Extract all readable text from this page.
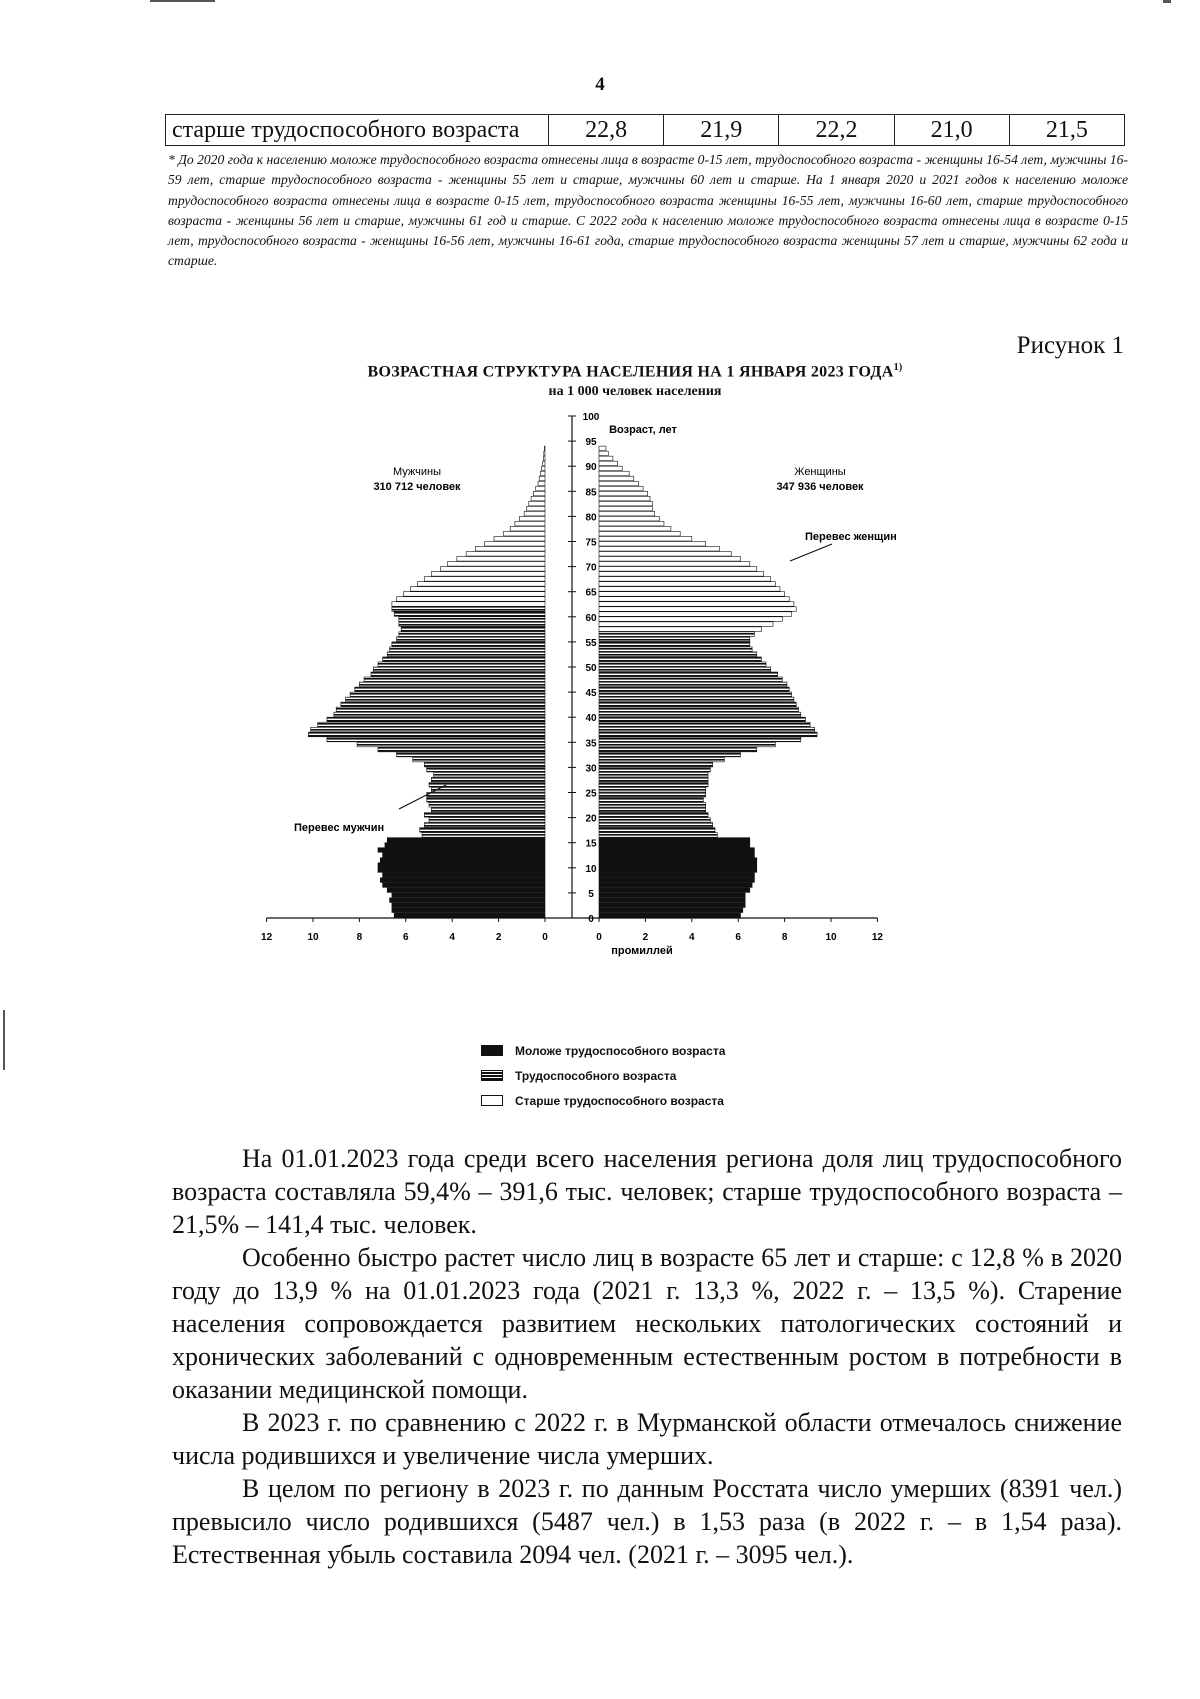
4
старше трудоспособного возраста	22,8	21,9	22,2	21,0	21,5
* До 2020 года к населению моложе трудоспособного возраста отнесены лица в возрасте 0-15 лет, трудоспособного возраста - женщины 16-54 лет, мужчины 16-59 лет, старше трудоспособного возраста - женщины 55 лет и старше, мужчины 60 лет и старше. На 1 января 2020 и 2021 годов к населению моложе трудоспособного возраста отнесены лица в возрасте 0-15 лет, трудоспособного возраста женщины 16-55 лет, мужчины 16-60 лет, старше трудоспособного возраста - женщины 56 лет и старше, мужчины 61 год и старше. С 2022 года к населению моложе трудоспособного возраста отнесены лица в возрасте 0-15 лет, трудоспособного возраста - женщины 16-56 лет, мужчины 16-61 года, старше трудоспособного возраста женщины 57 лет и старше, мужчины 62 года и старше.
Рисунок 1
ВОЗРАСТНАЯ СТРУКТУРА НАСЕЛЕНИЯ НА 1 ЯНВАРЯ 2023 ГОДА$^{1)}$
на 1 000 человек населения
Возраст, лет
Мужчины
310 712 человек
Женщины
347 936 человек
0
5
10
15
20
25
30
35
40
45
50
55
60
65
70
75
80
85
90
95
100
12	10	8	6	4	2	0	0	2	4	6	8	10	12
Перевес женщин
Перевес мужчин
промиллей
Моложе трудоспособного возраста
Трудоспособного возраста
Старше трудоспособного возраста

На 01.01.2023 года среди всего населения региона доля лиц трудоспособного возраста составляла 59,4% – 391,6 тыс. человек; старше трудоспособного возраста – 21,5% – 141,4 тыс. человек.

Особенно быстро растет число лиц в возрасте 65 лет и старше: с 12,8 % в 2020 году до 13,9 % на 01.01.2023 года (2021 г. 13,3 %, 2022 г. – 13,5 %). Старение населения сопровождается развитием нескольких патологических состояний и хронических заболеваний с одновременным естественным ростом в потребности в оказании медицинской помощи.

В 2023 г. по сравнению с 2022 г. в Мурманской области отмечалось снижение числа родившихся и увеличение числа умерших.

В целом по региону в 2023 г. по данным Росстата число умерших (8391 чел.) превысило число родившихся (5487 чел.) в 1,53 раза (в 2022 г. – в 1,54 раза). Естественная убыль составила 2094 чел. (2021 г. – 3095 чел.).
